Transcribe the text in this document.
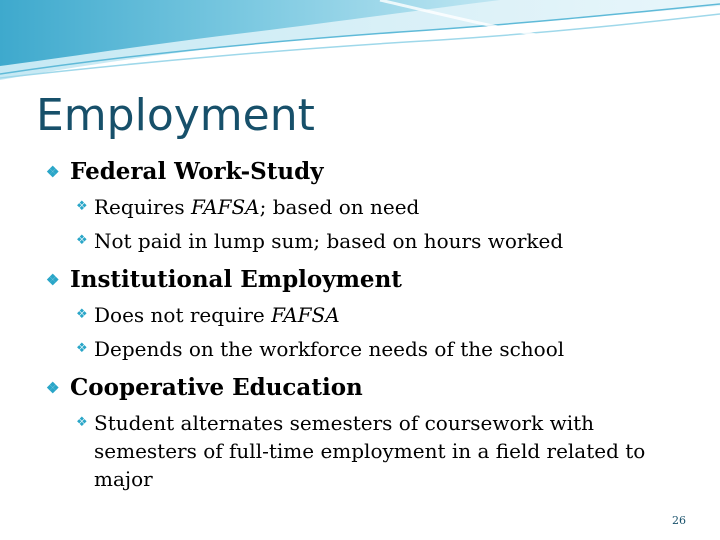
Employment
❖ Federal Work-Study
❖ Requires FAFSA; based on need
❖ Not paid in lump sum; based on hours worked
❖ Institutional Employment
❖ Does not require FAFSA
❖ Depends on the workforce needs of the school
❖ Cooperative Education
❖ Student alternates semesters of coursework with semesters of full-time employment in a field related to major
26
